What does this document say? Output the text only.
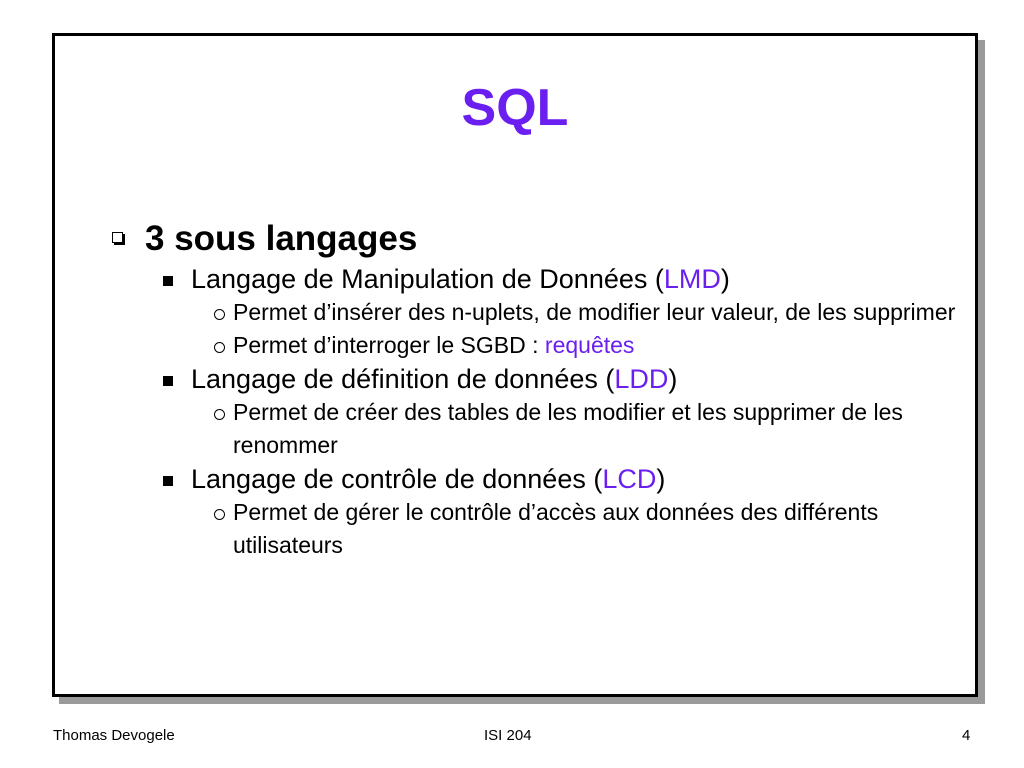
SQL
3 sous langages
Langage de Manipulation de Données (LMD)
Permet d’insérer des n-uplets, de modifier leur valeur, de les supprimer
Permet d’interroger le SGBD : requêtes
Langage de définition de données (LDD)
Permet de créer des tables de les modifier et les supprimer de les renommer
Langage de contrôle de données (LCD)
Permet de gérer le contrôle d’accès aux données des différents utilisateurs
Thomas Devogele	ISI 204	4
